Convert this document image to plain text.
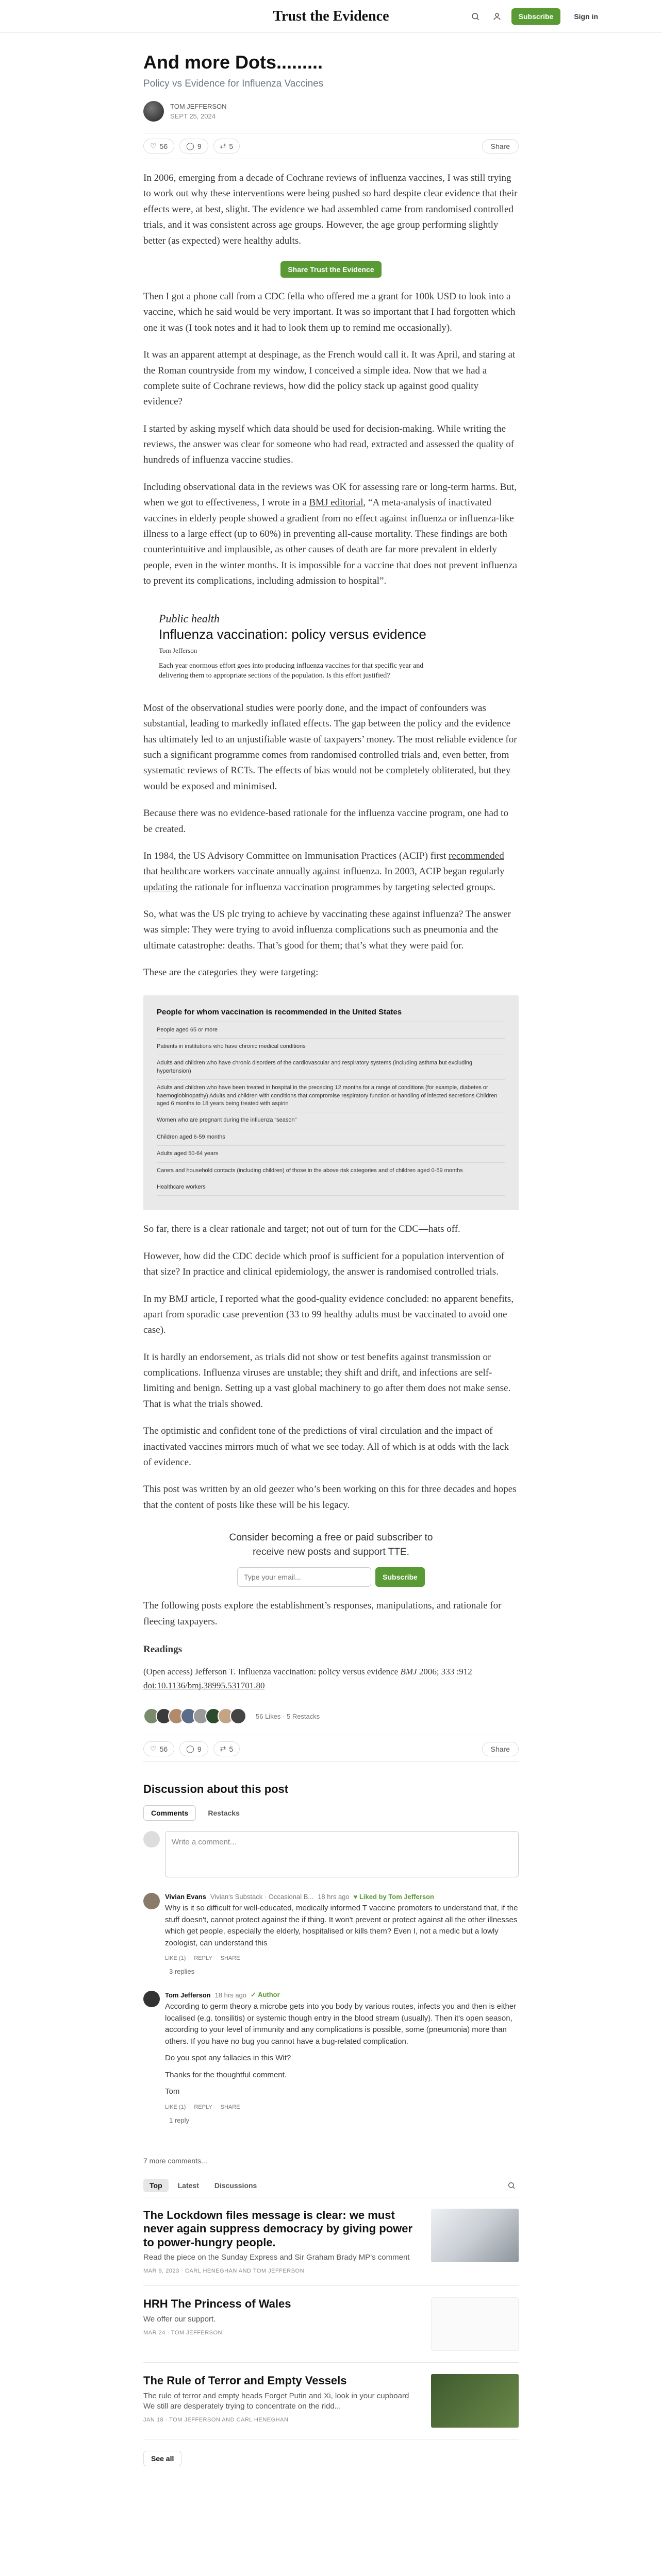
Trust the Evidence	Subscribe	Sign in
And more Dots.........
Policy vs Evidence for Influenza Vaccines
TOM JEFFERSON
SEPT 25, 2024
♡ 56	◯ 9	⇄ 5	Share

In 2006, emerging from a decade of Cochrane reviews of influenza vaccines, I was still trying to work out why these interventions were being pushed so hard despite clear evidence that their effects were, at best, slight. The evidence we had assembled came from randomised controlled trials, and it was consistent across age groups. However, the age group performing slightly better (as expected) were healthy adults.

Share Trust the Evidence

Then I got a phone call from a CDC fella who offered me a grant for 100k USD to look into a vaccine, which he said would be very important. It was so important that I had forgotten which one it was (I took notes and it had to look them up to remind me occasionally).

It was an apparent attempt at despinage, as the French would call it. It was April, and staring at the Roman countryside from my window, I conceived a simple idea. Now that we had a complete suite of Cochrane reviews, how did the policy stack up against good quality evidence?

I started by asking myself which data should be used for decision-making. While writing the reviews, the answer was clear for someone who had read, extracted and assessed the quality of hundreds of influenza vaccine studies.

Including observational data in the reviews was OK for assessing rare or long-term harms. But, when we got to effectiveness, I wrote in a BMJ editorial, “A meta-analysis of inactivated vaccines in elderly people showed a gradient from no effect against influenza or influenza-like illness to a large effect (up to 60%) in preventing all-cause mortality. These findings are both counterintuitive and implausible, as other causes of death are far more prevalent in elderly people, even in the winter months. It is impossible for a vaccine that does not prevent influenza to prevent its complications, including admission to hospital”.

Public health
Influenza vaccination: policy versus evidence
Tom Jefferson
Each year enormous effort goes into producing influenza vaccines for that specific year and delivering them to appropriate sections of the population. Is this effort justified?

Most of the observational studies were poorly done, and the impact of confounders was substantial, leading to markedly inflated effects. The gap between the policy and the evidence has ultimately led to an unjustifiable waste of taxpayers’ money. The most reliable evidence for such a significant programme comes from randomised controlled trials and, even better, from systematic reviews of RCTs. The effects of bias would not be completely obliterated, but they would be exposed and minimised.

Because there was no evidence-based rationale for the influenza vaccine program, one had to be created.

In 1984, the US Advisory Committee on Immunisation Practices (ACIP) first recommended that healthcare workers vaccinate annually against influenza. In 2003, ACIP began regularly updating the rationale for influenza vaccination programmes by targeting selected groups.

So, what was the US plc trying to achieve by vaccinating these against influenza? The answer was simple: They were trying to avoid influenza complications such as pneumonia and the ultimate catastrophe: deaths. That’s good for them; that’s what they were paid for.

These are the categories they were targeting:

People for whom vaccination is recommended in the United States
People aged 65 or more
Patients in institutions who have chronic medical conditions
Adults and children who have chronic disorders of the cardiovascular and respiratory systems (including asthma but excluding hypertension)
Adults and children who have been treated in hospital in the preceding 12 months for a range of conditions (for example, diabetes or haemoglobinopathy) Adults and children with conditions that compromise respiratory function or handling of infected secretions Children aged 6 months to 18 years being treated with aspirin
Women who are pregnant during the influenza “season”
Children aged 6-59 months
Adults aged 50-64 years
Carers and household contacts (including children) of those in the above risk categories and of children aged 0-59 months
Healthcare workers

So far, there is a clear rationale and target; not out of turn for the CDC—hats off.

However, how did the CDC decide which proof is sufficient for a population intervention of that size? In practice and clinical epidemiology, the answer is randomised controlled trials.

In my BMJ article, I reported what the good-quality evidence concluded: no apparent benefits, apart from sporadic case prevention (33 to 99 healthy adults must be vaccinated to avoid one case).

It is hardly an endorsement, as trials did not show or test benefits against transmission or complications. Influenza viruses are unstable; they shift and drift, and infections are self-limiting and benign. Setting up a vast global machinery to go after them does not make sense. That is what the trials showed.

The optimistic and confident tone of the predictions of viral circulation and the impact of inactivated vaccines mirrors much of what we see today. All of which is at odds with the lack of evidence.

This post was written by an old geezer who’s been working on this for three decades and hopes that the content of posts like these will be his legacy.

Consider becoming a free or paid subscriber to receive new posts and support TTE.
Type your email...
Subscribe

The following posts explore the establishment’s responses, manipulations, and rationale for fleecing taxpayers.

Readings
(Open access) Jefferson T. Influenza vaccination: policy versus evidence BMJ 2006; 333 :912 doi:10.1136/bmj.38995.531701.80
56 Likes · 5 Restacks
♡ 56	◯ 9	⇄ 5	Share
Discussion about this post
Comments	Restacks
Write a comment...
Vivian Evans Vivian's Substack · Occasional B... 18 hrs ago ♥ Liked by Tom Jefferson
Why is it so difficult for well-educated, medically informed T vaccine promoters to understand that, if the stuff doesn't, cannot protect against the if thing. It won't prevent or protect against all the other illnesses which get people, especially the elderly, hospitalised or kills them? Even I, not a medic but a lowly zoologist, can understand this
LIKE (1) REPLY SHARE
3 replies
Tom Jefferson 18 hrs ago ✓ Author
According to germ theory a microbe gets into you body by various routes, infects you and then is either localised (e.g. tonsilitis) or systemic though entry in the blood stream (usually). Then it's open season, according to your level of immunity and any complications is possible, some (pneumonia) more than others. If you have no bug you cannot have a bug-related complication.
Do you spot any fallacies in this Wit?
Thanks for the thoughtful comment.
Tom
LIKE (1) REPLY SHARE
1 reply
7 more comments...
Top	Latest	Discussions
The Lockdown files message is clear: we must never again suppress democracy by giving power to power-hungry people.
Read the piece on the Sunday Express and Sir Graham Brady MP's comment
MAR 9, 2023 · CARL HENEGHAN AND TOM JEFFERSON
HRH The Princess of Wales
We offer our support.
MAR 24 · TOM JEFFERSON
The Rule of Terror and Empty Vessels
The rule of terror and empty heads Forget Putin and Xi, look in your cupboard We still are desperately trying to concentrate on the ridd...
JAN 18 · TOM JEFFERSON AND CARL HENEGHAN
See all
